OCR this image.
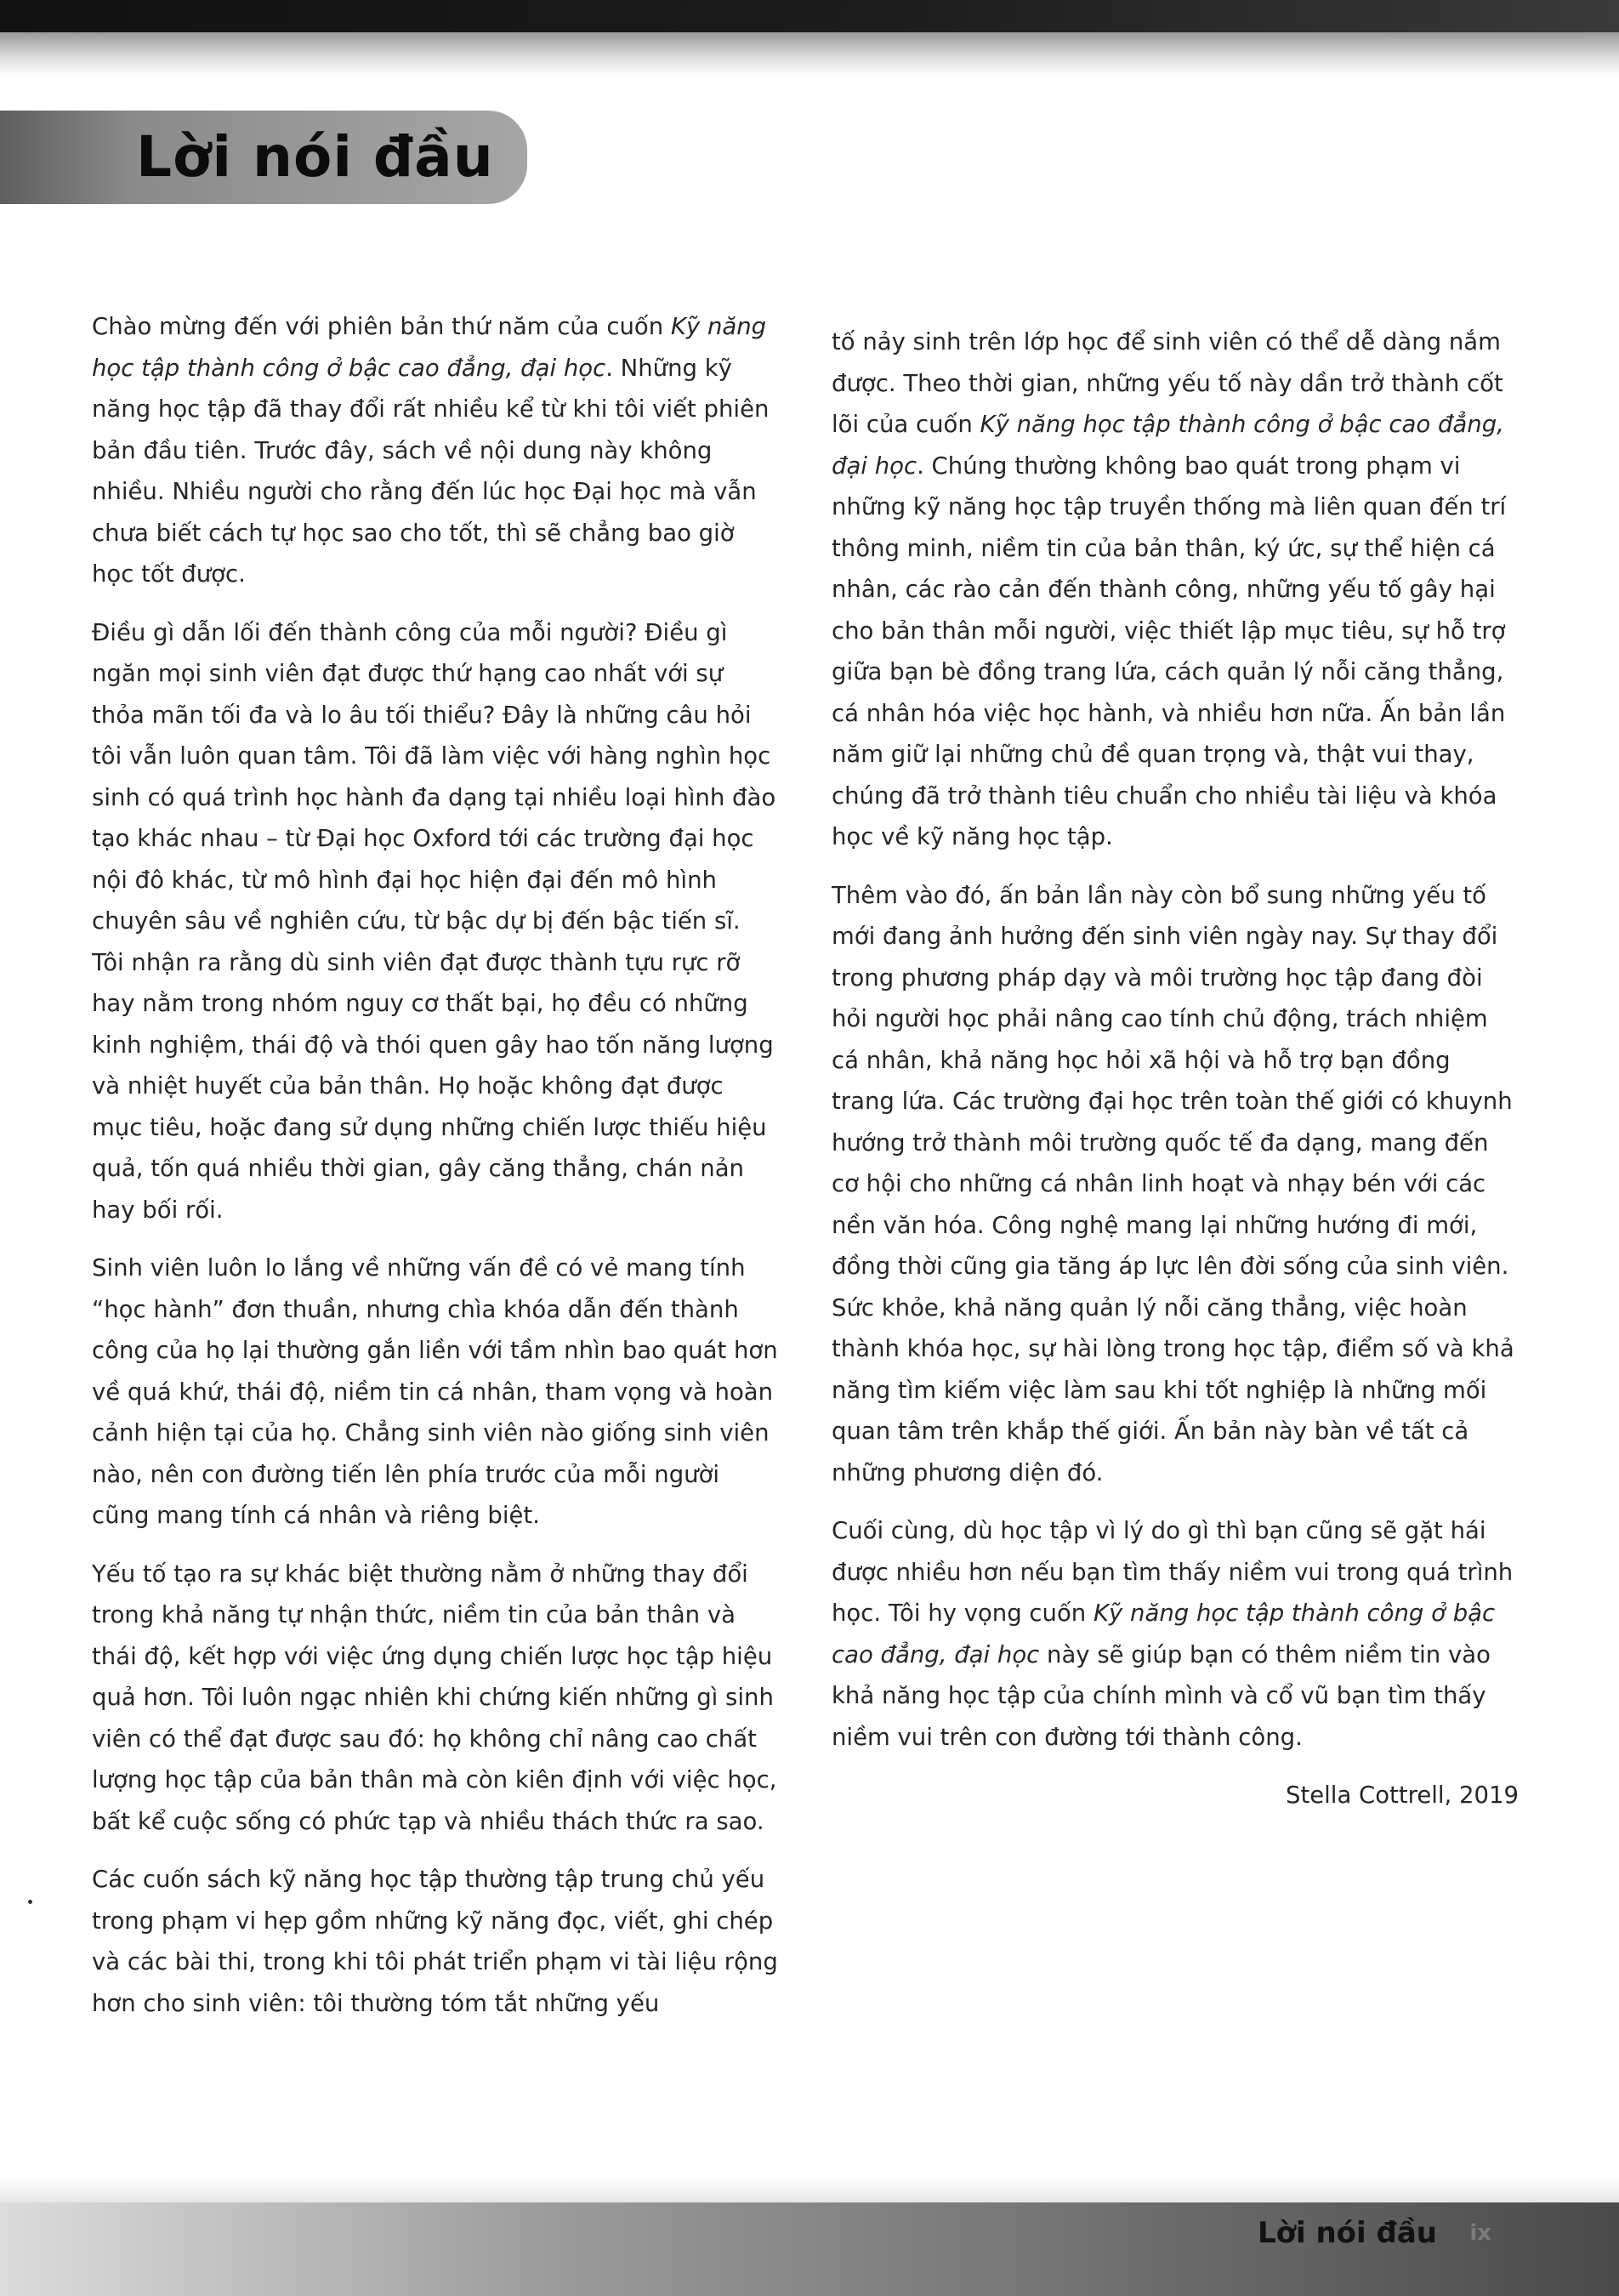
Lời nói đầu

Chào mừng đến với phiên bản thứ năm của cuốn Kỹ năng học tập thành công ở bậc cao đẳng, đại học. Những kỹ năng học tập đã thay đổi rất nhiều kể từ khi tôi viết phiên bản đầu tiên. Trước đây, sách về nội dung này không nhiều. Nhiều người cho rằng đến lúc học Đại học mà vẫn chưa biết cách tự học sao cho tốt, thì sẽ chẳng bao giờ học tốt được.

Điều gì dẫn lối đến thành công của mỗi người? Điều gì ngăn mọi sinh viên đạt được thứ hạng cao nhất với sự thỏa mãn tối đa và lo âu tối thiểu? Đây là những câu hỏi tôi vẫn luôn quan tâm. Tôi đã làm việc với hàng nghìn học sinh có quá trình học hành đa dạng tại nhiều loại hình đào tạo khác nhau – từ Đại học Oxford tới các trường đại học nội đô khác, từ mô hình đại học hiện đại đến mô hình chuyên sâu về nghiên cứu, từ bậc dự bị đến bậc tiến sĩ. Tôi nhận ra rằng dù sinh viên đạt được thành tựu rực rỡ hay nằm trong nhóm nguy cơ thất bại, họ đều có những kinh nghiệm, thái độ và thói quen gây hao tốn năng lượng và nhiệt huyết của bản thân. Họ hoặc không đạt được mục tiêu, hoặc đang sử dụng những chiến lược thiếu hiệu quả, tốn quá nhiều thời gian, gây căng thẳng, chán nản hay bối rối.

Sinh viên luôn lo lắng về những vấn đề có vẻ mang tính “học hành” đơn thuần, nhưng chìa khóa dẫn đến thành công của họ lại thường gắn liền với tầm nhìn bao quát hơn về quá khứ, thái độ, niềm tin cá nhân, tham vọng và hoàn cảnh hiện tại của họ. Chẳng sinh viên nào giống sinh viên nào, nên con đường tiến lên phía trước của mỗi người cũng mang tính cá nhân và riêng biệt.

Yếu tố tạo ra sự khác biệt thường nằm ở những thay đổi trong khả năng tự nhận thức, niềm tin của bản thân và thái độ, kết hợp với việc ứng dụng chiến lược học tập hiệu quả hơn. Tôi luôn ngạc nhiên khi chứng kiến những gì sinh viên có thể đạt được sau đó: họ không chỉ nâng cao chất lượng học tập của bản thân mà còn kiên định với việc học, bất kể cuộc sống có phức tạp và nhiều thách thức ra sao.

Các cuốn sách kỹ năng học tập thường tập trung chủ yếu trong phạm vi hẹp gồm những kỹ năng đọc, viết, ghi chép và các bài thi, trong khi tôi phát triển phạm vi tài liệu rộng hơn cho sinh viên: tôi thường tóm tắt những yếu

tố nảy sinh trên lớp học để sinh viên có thể dễ dàng nắm được. Theo thời gian, những yếu tố này dần trở thành cốt lõi của cuốn Kỹ năng học tập thành công ở bậc cao đẳng, đại học. Chúng thường không bao quát trong phạm vi những kỹ năng học tập truyền thống mà liên quan đến trí thông minh, niềm tin của bản thân, ký ức, sự thể hiện cá nhân, các rào cản đến thành công, những yếu tố gây hại cho bản thân mỗi người, việc thiết lập mục tiêu, sự hỗ trợ giữa bạn bè đồng trang lứa, cách quản lý nỗi căng thẳng, cá nhân hóa việc học hành, và nhiều hơn nữa. Ấn bản lần năm giữ lại những chủ đề quan trọng và, thật vui thay, chúng đã trở thành tiêu chuẩn cho nhiều tài liệu và khóa học về kỹ năng học tập.

Thêm vào đó, ấn bản lần này còn bổ sung những yếu tố mới đang ảnh hưởng đến sinh viên ngày nay. Sự thay đổi trong phương pháp dạy và môi trường học tập đang đòi hỏi người học phải nâng cao tính chủ động, trách nhiệm cá nhân, khả năng học hỏi xã hội và hỗ trợ bạn đồng trang lứa. Các trường đại học trên toàn thế giới có khuynh hướng trở thành môi trường quốc tế đa dạng, mang đến cơ hội cho những cá nhân linh hoạt và nhạy bén với các nền văn hóa. Công nghệ mang lại những hướng đi mới, đồng thời cũng gia tăng áp lực lên đời sống của sinh viên. Sức khỏe, khả năng quản lý nỗi căng thẳng, việc hoàn thành khóa học, sự hài lòng trong học tập, điểm số và khả năng tìm kiếm việc làm sau khi tốt nghiệp là những mối quan tâm trên khắp thế giới. Ấn bản này bàn về tất cả những phương diện đó.

Cuối cùng, dù học tập vì lý do gì thì bạn cũng sẽ gặt hái được nhiều hơn nếu bạn tìm thấy niềm vui trong quá trình học. Tôi hy vọng cuốn Kỹ năng học tập thành công ở bậc cao đẳng, đại học này sẽ giúp bạn có thêm niềm tin vào khả năng học tập của chính mình và cổ vũ bạn tìm thấy niềm vui trên con đường tới thành công.

Stella Cottrell, 2019

Lời nói đầu ix
